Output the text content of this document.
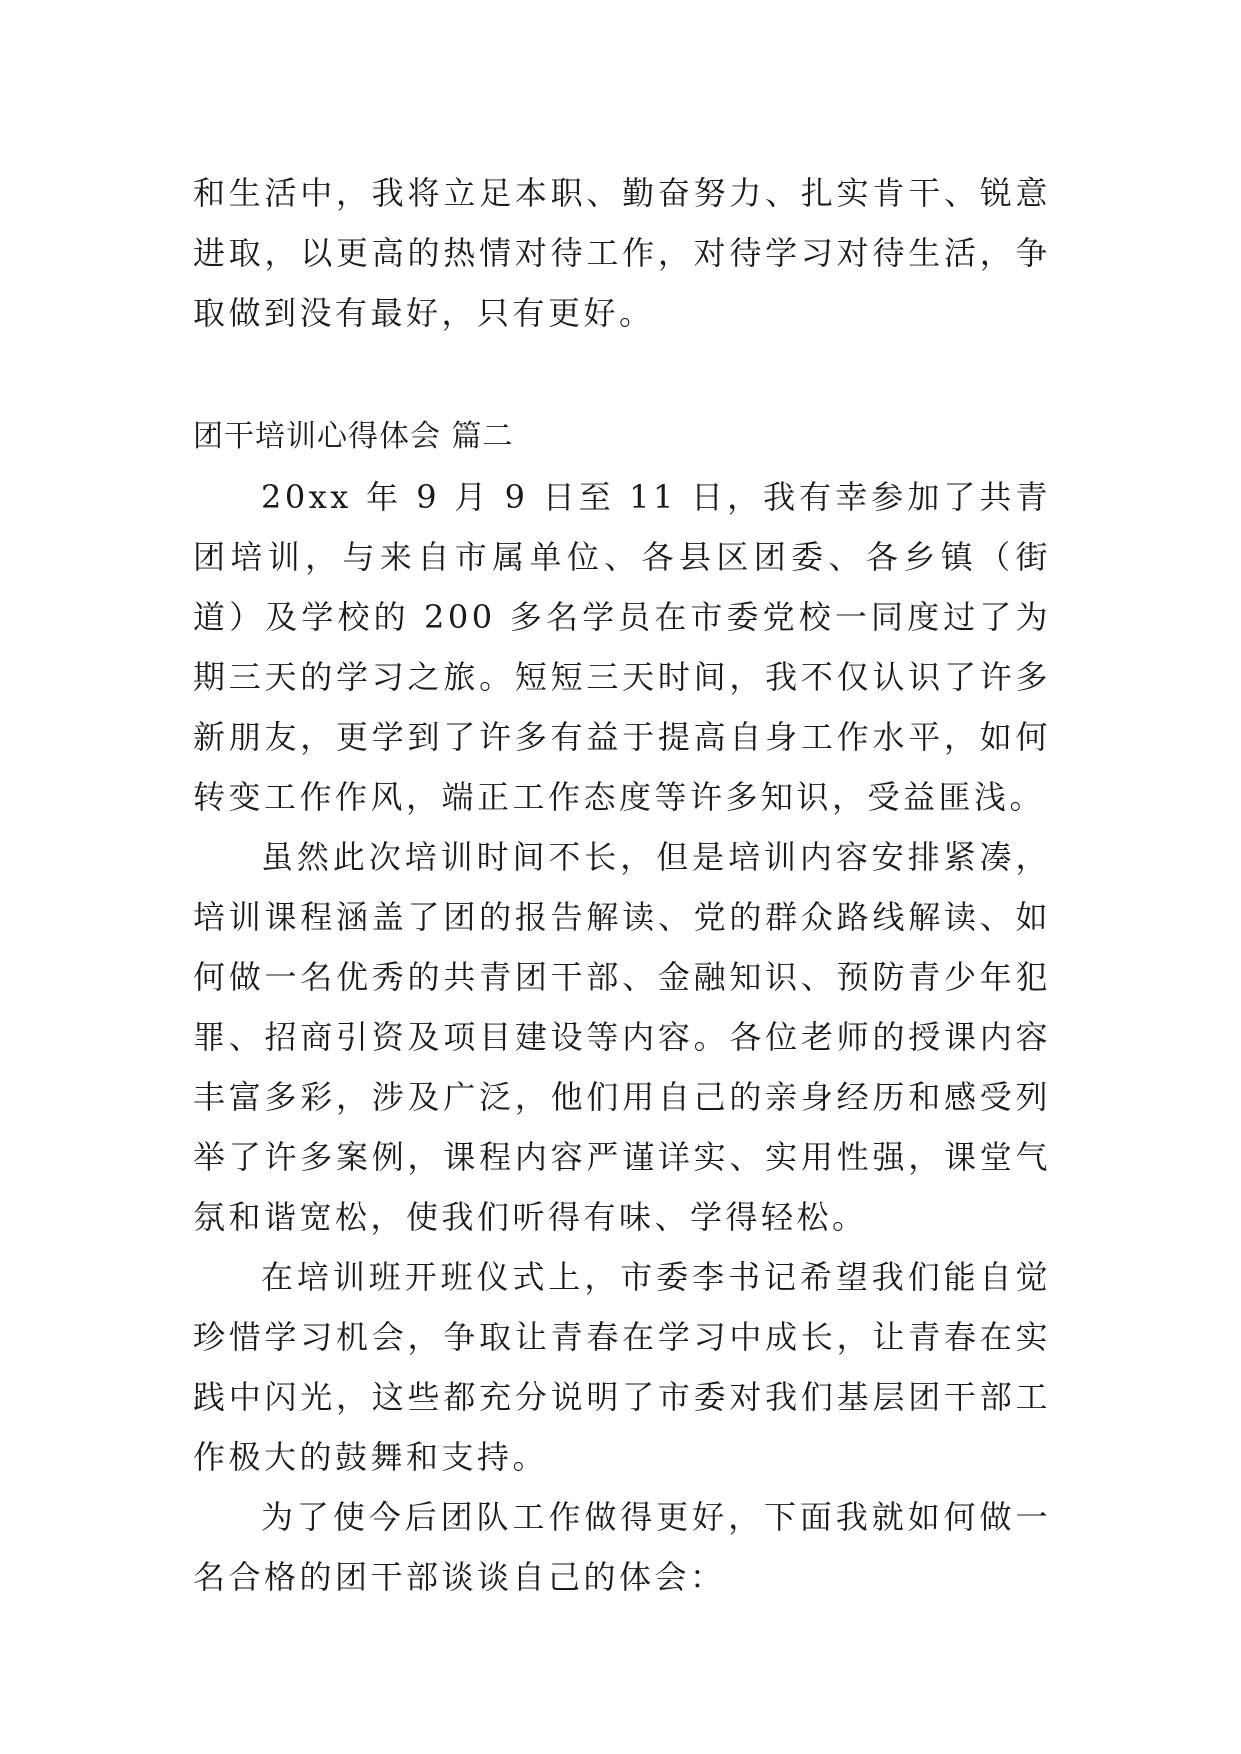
和生活中，我将立足本职、勤奋努力、扎实肯干、锐意进取，以更高的热情对待工作，对待学习对待生活，争取做到没有最好，只有更好。

团干培训心得体会 篇二

20xx 年 9 月 9 日至 11 日，我有幸参加了共青团培训，与来自市属单位、各县区团委、各乡镇（街道）及学校的 200 多名学员在市委党校一同度过了为期三天的学习之旅。短短三天时间，我不仅认识了许多新朋友，更学到了许多有益于提高自身工作水平，如何转变工作作风，端正工作态度等许多知识，受益匪浅。

虽然此次培训时间不长，但是培训内容安排紧凑，培训课程涵盖了团的报告解读、党的群众路线解读、如何做一名优秀的共青团干部、金融知识、预防青少年犯罪、招商引资及项目建设等内容。各位老师的授课内容丰富多彩，涉及广泛，他们用自己的亲身经历和感受列举了许多案例，课程内容严谨详实、实用性强，课堂气氛和谐宽松，使我们听得有味、学得轻松。

在培训班开班仪式上，市委李书记希望我们能自觉珍惜学习机会，争取让青春在学习中成长，让青春在实践中闪光，这些都充分说明了市委对我们基层团干部工作极大的鼓舞和支持。

为了使今后团队工作做得更好，下面我就如何做一名合格的团干部谈谈自己的体会：
